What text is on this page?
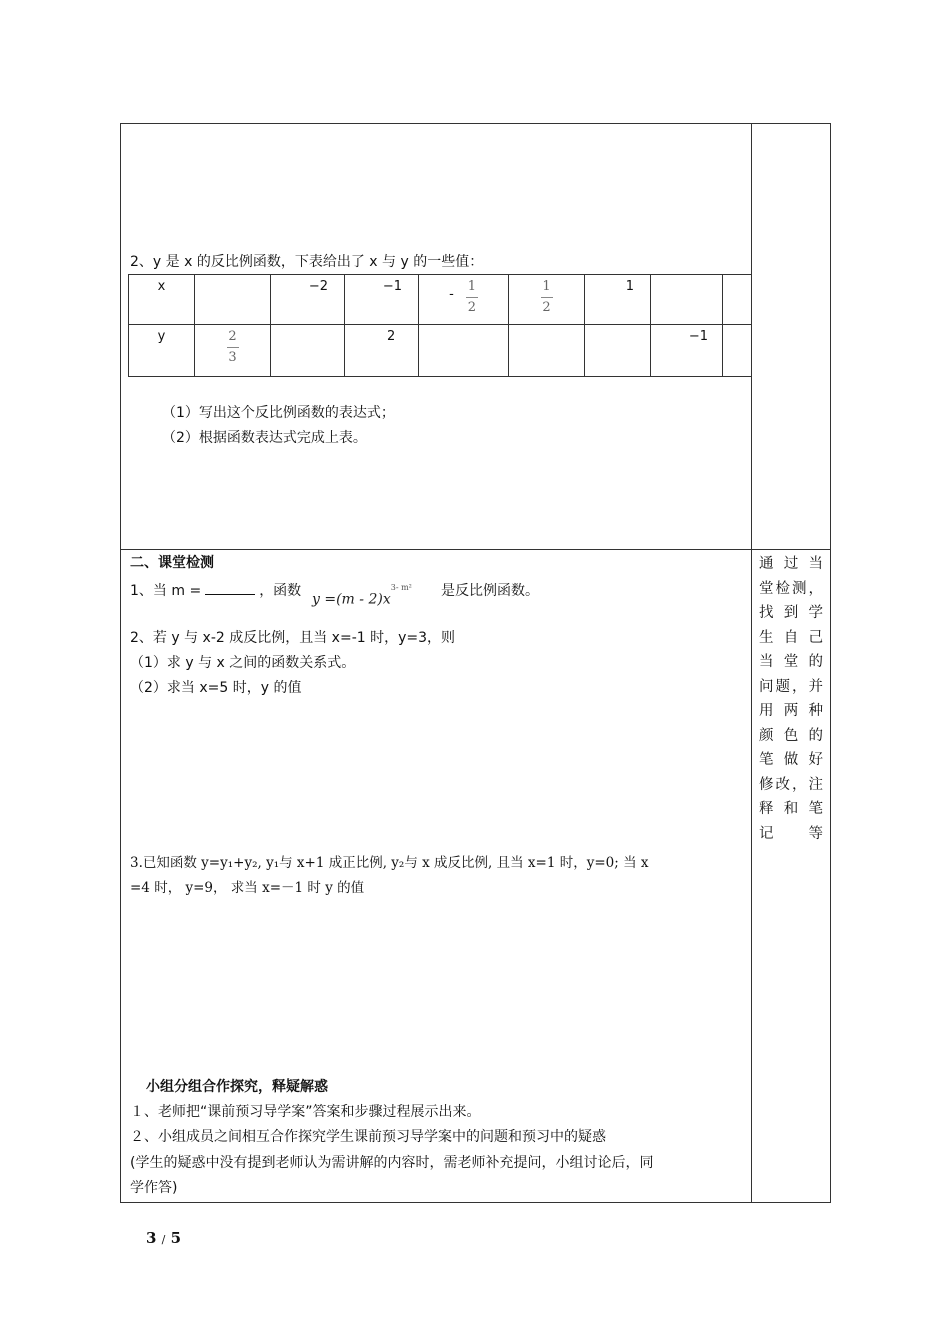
2、y 是 x 的反比例函数，下表给出了 x 与 y 的一些值：
x		−2	−1	- $\frac{1}{2}$	$\frac{1}{2}$	1		
y	$\frac{2}{3}$		2				−1	
（1）写出这个反比例函数的表达式；
（2）根据函数表达式完成上表。
二、课堂检测
1、当 m =	，函数
$y =(m - 2)x^{3- m^2}$ 是反比例函数。
2、若 y 与 x-2 成反比例，且当 x=-1 时，y=3，则
（1）求 y 与 x 之间的函数关系式。
（2）求当 x=5 时，y 的值
3.已知函数 y=y₁+y₂, y₁与 x+1 成正比例, y₂与 x 成反比例, 且当 x=1 时，y=0; 当 x
=4 时， y=9， 求当 x=－1 时 y 的值
小组分组合作探究，释疑解惑
１、老师把“课前预习导学案”答案和步骤过程展示出来。
２、小组成员之间相互合作探究学生课前预习导学案中的问题和预习中的疑惑
(学生的疑惑中没有提到老师认为需讲解的内容时，需老师补充提问，小组讨论后，同
学作答)
通过当
堂检测，
找到学
生自己
当堂的
问题，并
用两种
颜色的
笔做好
修改，注
释和笔
记等
3 / 5
